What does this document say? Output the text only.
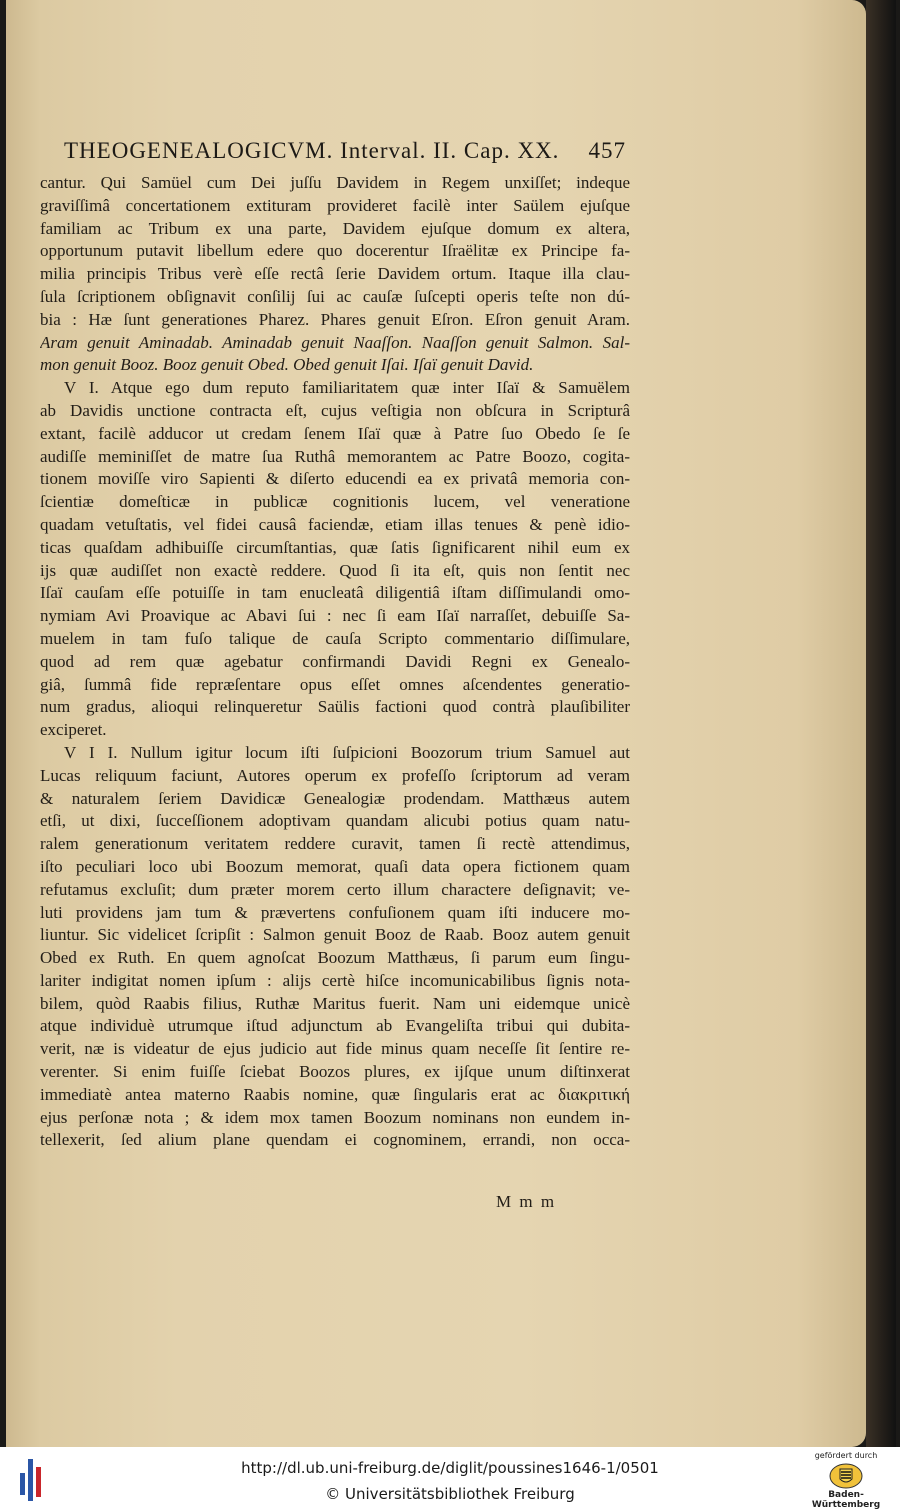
THEOGENEALOGICVM. Interval. II. Cap. XX. 457
cantur. Qui Samüel cum Dei juſſu Davidem in Regem unxiſſet; indeque
graviſſimâ concertationem extituram provideret facilè inter Saülem ejuſque
familiam ac Tribum ex una parte, Davidem ejuſque domum ex altera,
opportunum putavit libellum edere quo docerentur Iſraëlitæ ex Principe fa-
milia principis Tribus verè eſſe rectâ ſerie Davidem ortum. Itaque illa clau-
ſula ſcriptionem obſignavit conſilij ſui ac cauſæ ſuſcepti operis teſte non dú-
bia : Hæ ſunt generationes Pharez. Phares genuit Eſron. Eſron genuit Aram.
Aram genuit Aminadab. Aminadab genuit Naaſſon. Naaſſon genuit Salmon. Sal-
mon genuit Booz. Booz genuit Obed. Obed genuit Iſai. Iſaï genuit David.
V I. Atque ego dum reputo familiaritatem quæ inter Iſaï & Samuëlem
ab Davidis unctione contracta eſt, cujus veſtigia non obſcura in Scripturâ
extant, facilè adducor ut credam ſenem Iſaï quæ à Patre ſuo Obedo ſe ſe
audiſſe meminiſſet de matre ſua Ruthâ memorantem ac Patre Boozo, cogita-
tionem moviſſe viro Sapienti & diſerto educendi ea ex privatâ memoria con-
ſcientiæ domeſticæ in publicæ cognitionis lucem, vel veneratione
quadam vetuſtatis, vel fidei causâ faciendæ, etiam illas tenues & penè idio-
ticas quaſdam adhibuiſſe circumſtantias, quæ ſatis ſignificarent nihil eum ex
ijs quæ audiſſet non exactè reddere. Quod ſi ita eſt, quis non ſentit nec
Iſaï cauſam eſſe potuiſſe in tam enucleatâ diligentiâ iſtam diſſimulandi omo-
nymiam Avi Proavique ac Abavi ſui : nec ſi eam Iſaï narraſſet, debuiſſe Sa-
muelem in tam fuſo talique de cauſa Scripto commentario diſſimulare,
quod ad rem quæ agebatur confirmandi Davidi Regni ex Genealo-
giâ, ſummâ fide repræſentare opus eſſet omnes aſcendentes generatio-
num gradus, alioqui relinqueretur Saülis factioni quod contrà plauſibiliter
exciperet.
V I I. Nullum igitur locum iſti ſuſpicioni Boozorum trium Samuel aut
Lucas reliquum faciunt, Autores operum ex profeſſo ſcriptorum ad veram
& naturalem ſeriem Davidicæ Genealogiæ prodendam. Matthæus autem
etſi, ut dixi, ſucceſſionem adoptivam quandam alicubi potius quam natu-
ralem generationum veritatem reddere curavit, tamen ſi rectè attendimus,
iſto peculiari loco ubi Boozum memorat, quaſi data opera fictionem quam
refutamus excluſit; dum præter morem certo illum charactere deſignavit; ve-
luti providens jam tum & prævertens confuſionem quam iſti inducere mo-
liuntur. Sic videlicet ſcripſit : Salmon genuit Booz de Raab. Booz autem genuit
Obed ex Ruth. En quem agnoſcat Boozum Matthæus, ſi parum eum ſingu-
lariter indigitat nomen ipſum : alijs certè hiſce incomunicabilibus ſignis nota-
bilem, quòd Raabis filius, Ruthæ Maritus fuerit. Nam uni eidemque unicè
atque individuè utrumque iſtud adjunctum ab Evangeliſta tribui qui dubita-
verit, næ is videatur de ejus judicio aut fide minus quam neceſſe ſit ſentire re-
verenter. Si enim fuiſſe ſciebat Boozos plures, ex ijſque unum diſtinxerat
immediatè antea materno Raabis nomine, quæ ſingularis erat ac διακριτική
ejus perſonæ nota ; & idem mox tamen Boozum nominans non eundem in-
tellexerit, ſed alium plane quendam ei cognominem, errandi, non occa-
M m m
http://dl.ub.uni-freiburg.de/diglit/poussines1646-1/0501
© Universitätsbibliothek Freiburg
gefördert durch
Baden-Württemberg
